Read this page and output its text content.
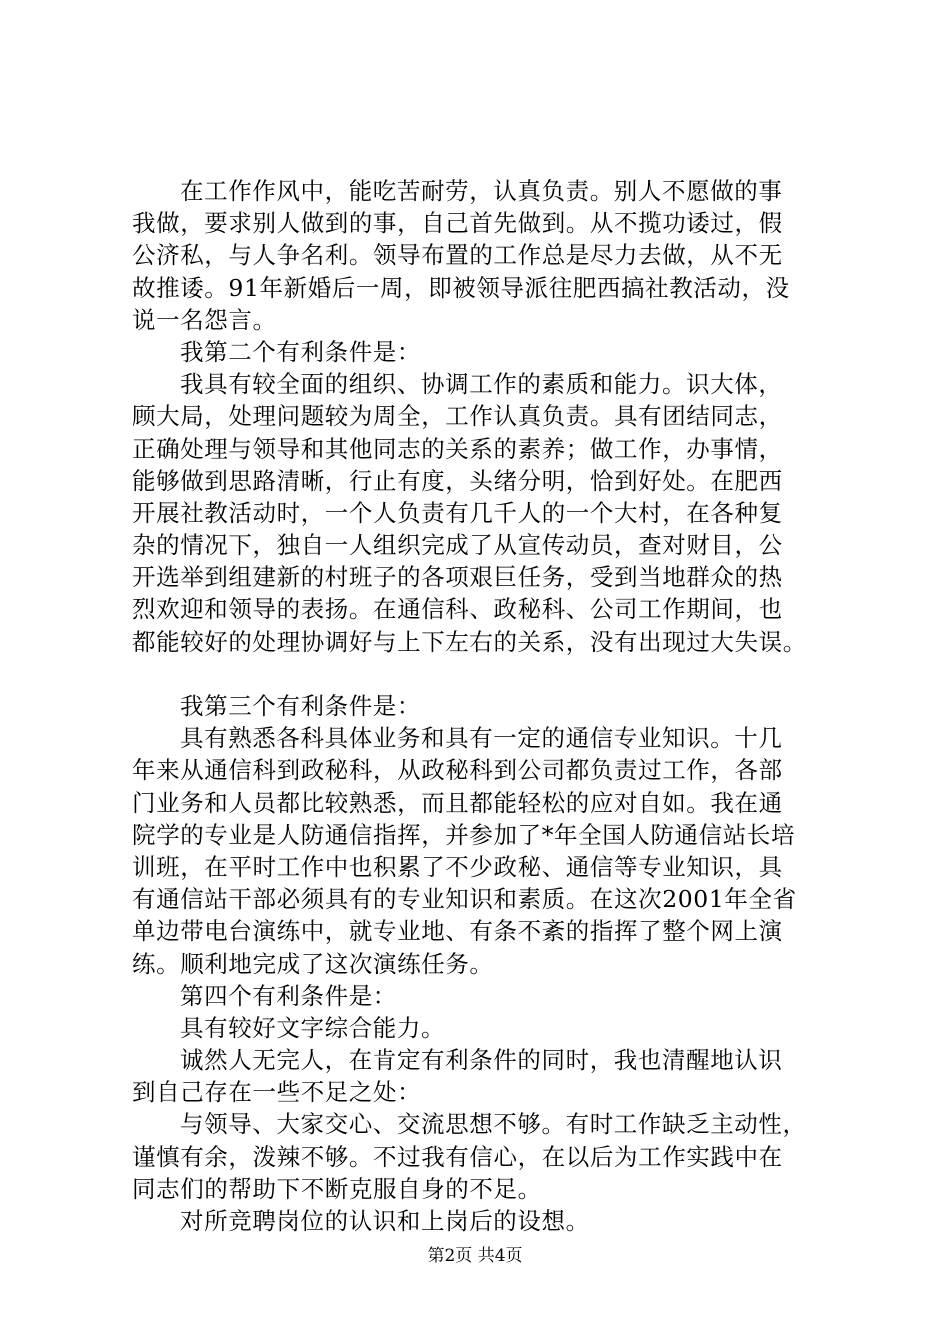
在工作作风中，能吃苦耐劳，认真负责。别人不愿做的事
我做，要求别人做到的事，自己首先做到。从不揽功诿过，假
公济私，与人争名利。领导布置的工作总是尽力去做，从不无
故推诿。91年新婚后一周，即被领导派往肥西搞社教活动，没
说一名怨言。
我第二个有利条件是：
我具有较全面的组织、协调工作的素质和能力。识大体，
顾大局，处理问题较为周全，工作认真负责。具有团结同志，
正确处理与领导和其他同志的关系的素养；做工作，办事情，
能够做到思路清晰，行止有度，头绪分明，恰到好处。在肥西
开展社教活动时，一个人负责有几千人的一个大村，在各种复
杂的情况下，独自一人组织完成了从宣传动员，查对财目，公
开选举到组建新的村班子的各项艰巨任务，受到当地群众的热
烈欢迎和领导的表扬。在通信科、政秘科、公司工作期间，也
都能较好的处理协调好与上下左右的关系，没有出现过大失误。
我第三个有利条件是：
具有熟悉各科具体业务和具有一定的通信专业知识。十几
年来从通信科到政秘科，从政秘科到公司都负责过工作，各部
门业务和人员都比较熟悉，而且都能轻松的应对自如。我在通
院学的专业是人防通信指挥，并参加了*年全国人防通信站长培
训班，在平时工作中也积累了不少政秘、通信等专业知识，具
有通信站干部必须具有的专业知识和素质。在这次2001年全省
单边带电台演练中，就专业地、有条不紊的指挥了整个网上演
练。顺利地完成了这次演练任务。
第四个有利条件是：
具有较好文字综合能力。
诚然人无完人，在肯定有利条件的同时，我也清醒地认识
到自己存在一些不足之处：
与领导、大家交心、交流思想不够。有时工作缺乏主动性，
谨慎有余，泼辣不够。不过我有信心，在以后为工作实践中在
同志们的帮助下不断克服自身的不足。
对所竞聘岗位的认识和上岗后的设想。
第2页 共4页
